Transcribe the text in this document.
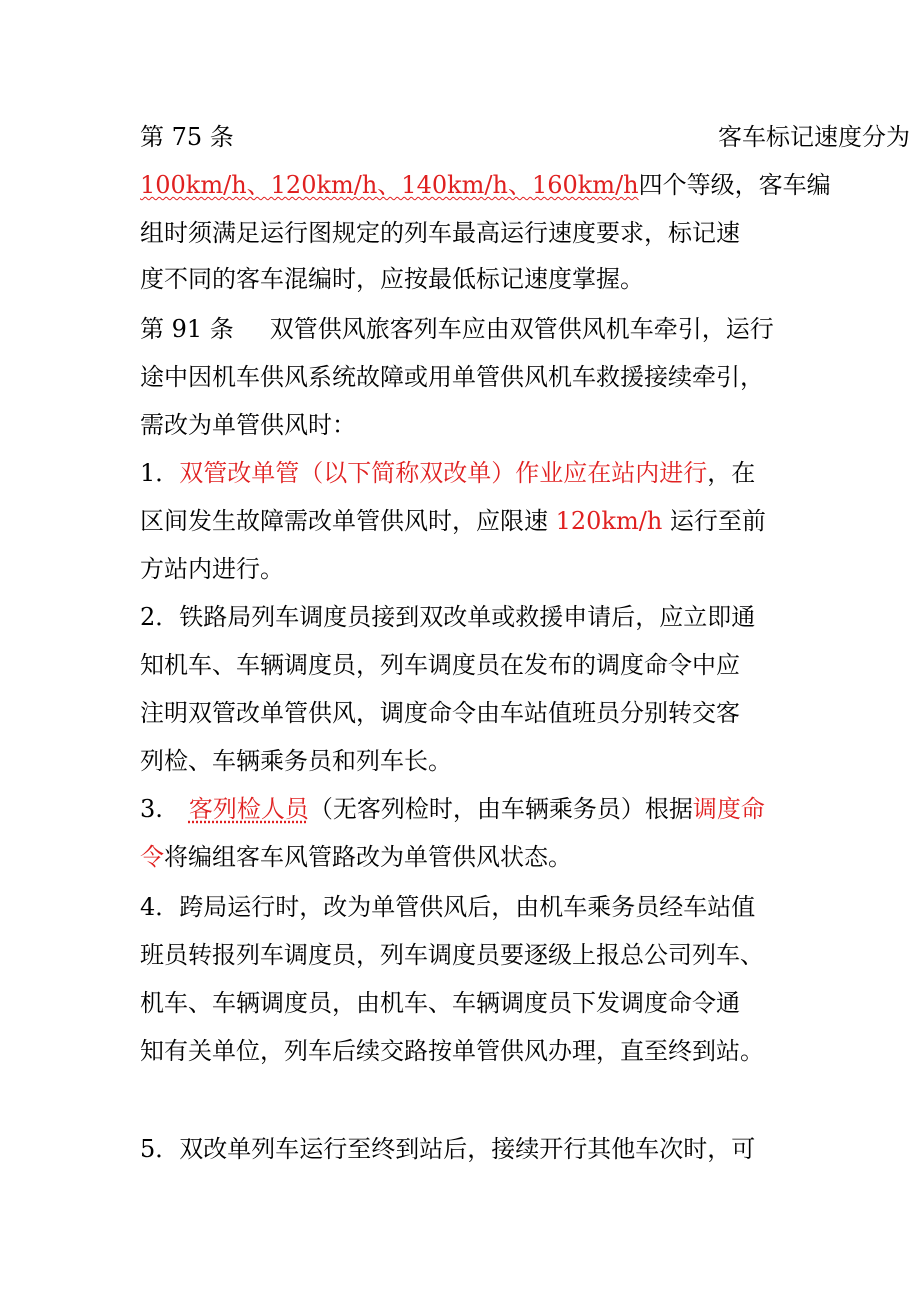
第 75 条	客车标记速度分为
100km/h、120km/h、140km/h、160km/h四个等级，客车编
组时须满足运行图规定的列车最高运行速度要求，标记速
度不同的客车混编时，应按最低标记速度掌握。
第 91 条 双管供风旅客列车应由双管供风机车牵引，运行
途中因机车供风系统故障或用单管供风机车救援接续牵引，
需改为单管供风时：
1．双管改单管（以下简称双改单）作业应在站内进行，在
区间发生故障需改单管供风时，应限速 120km/h 运行至前
方站内进行。
2．铁路局列车调度员接到双改单或救援申请后，应立即通
知机车、车辆调度员，列车调度员在发布的调度命令中应
注明双管改单管供风，调度命令由车站值班员分别转交客
列检、车辆乘务员和列车长。
3. 客列检人员（无客列检时，由车辆乘务员）根据调度命
令将编组客车风管路改为单管供风状态。
4．跨局运行时，改为单管供风后，由机车乘务员经车站值
班员转报列车调度员，列车调度员要逐级上报总公司列车、
机车、车辆调度员，由机车、车辆调度员下发调度命令通
知有关单位，列车后续交路按单管供风办理，直至终到站。
5．双改单列车运行至终到站后，接续开行其他车次时，可
